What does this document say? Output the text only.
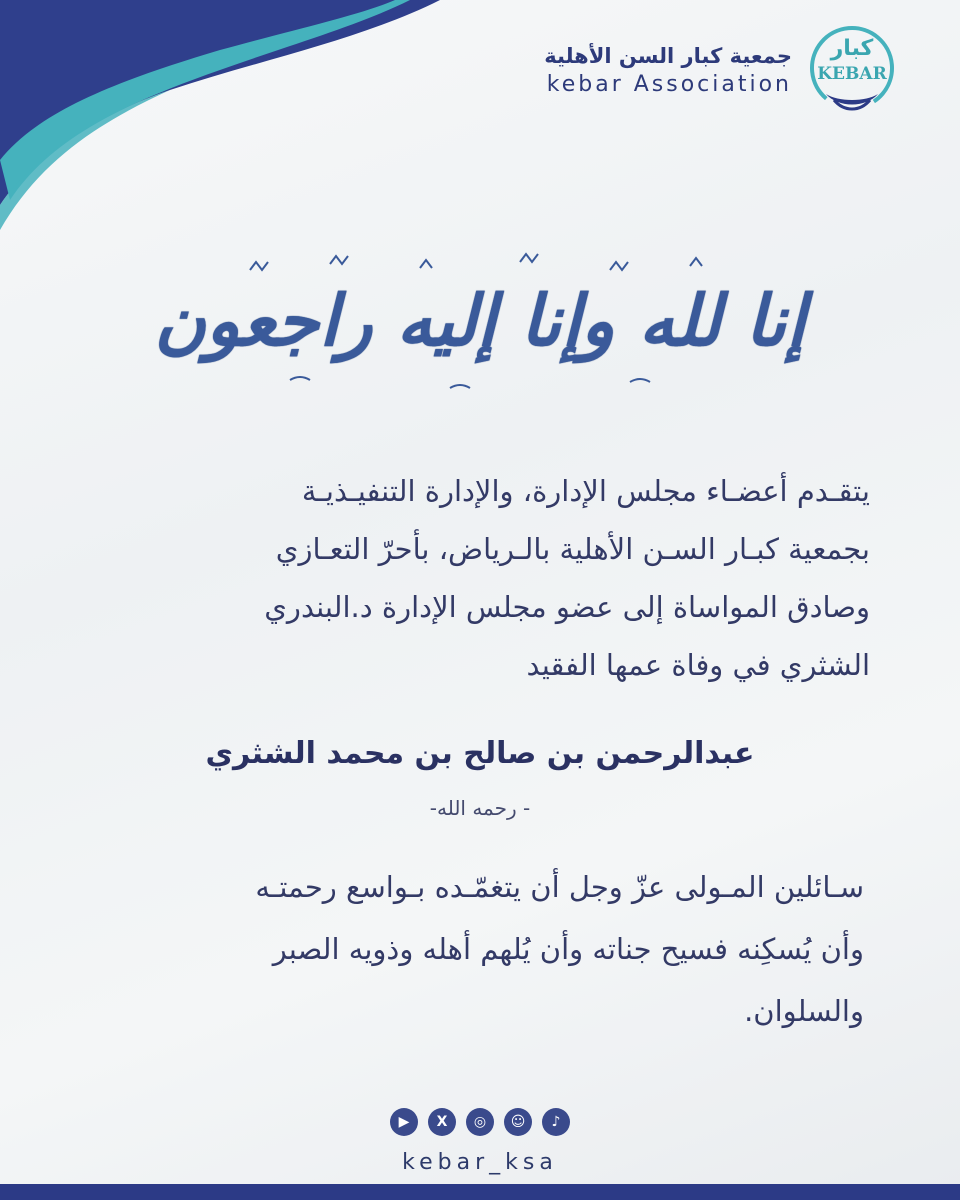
جمعية كبار السن الأهلية
kebar Association
كبار
KEBAR
إنا لله وإنا إليه راجعون
يتقـدم أعضـاء مجلس الإدارة، والإدارة التنفيـذيـة
بجمعية كبـار السـن الأهلية بالـرياض، بأحرّ التعـازي
وصادق المواساة إلى عضو مجلس الإدارة د.البندري
الشثري في وفاة عمها الفقيد
عبدالرحمن بن صالح بن محمد الشثري
- رحمه الله-
سـائلين المـولى عزّ وجل أن يتغمّـده بـواسع رحمتـه
وأن يُسكِنه فسيح جناته وأن يُلهم أهله وذويه الصبر
والسلوان.
▶	X	◎	☺	♪
kebar_ksa
